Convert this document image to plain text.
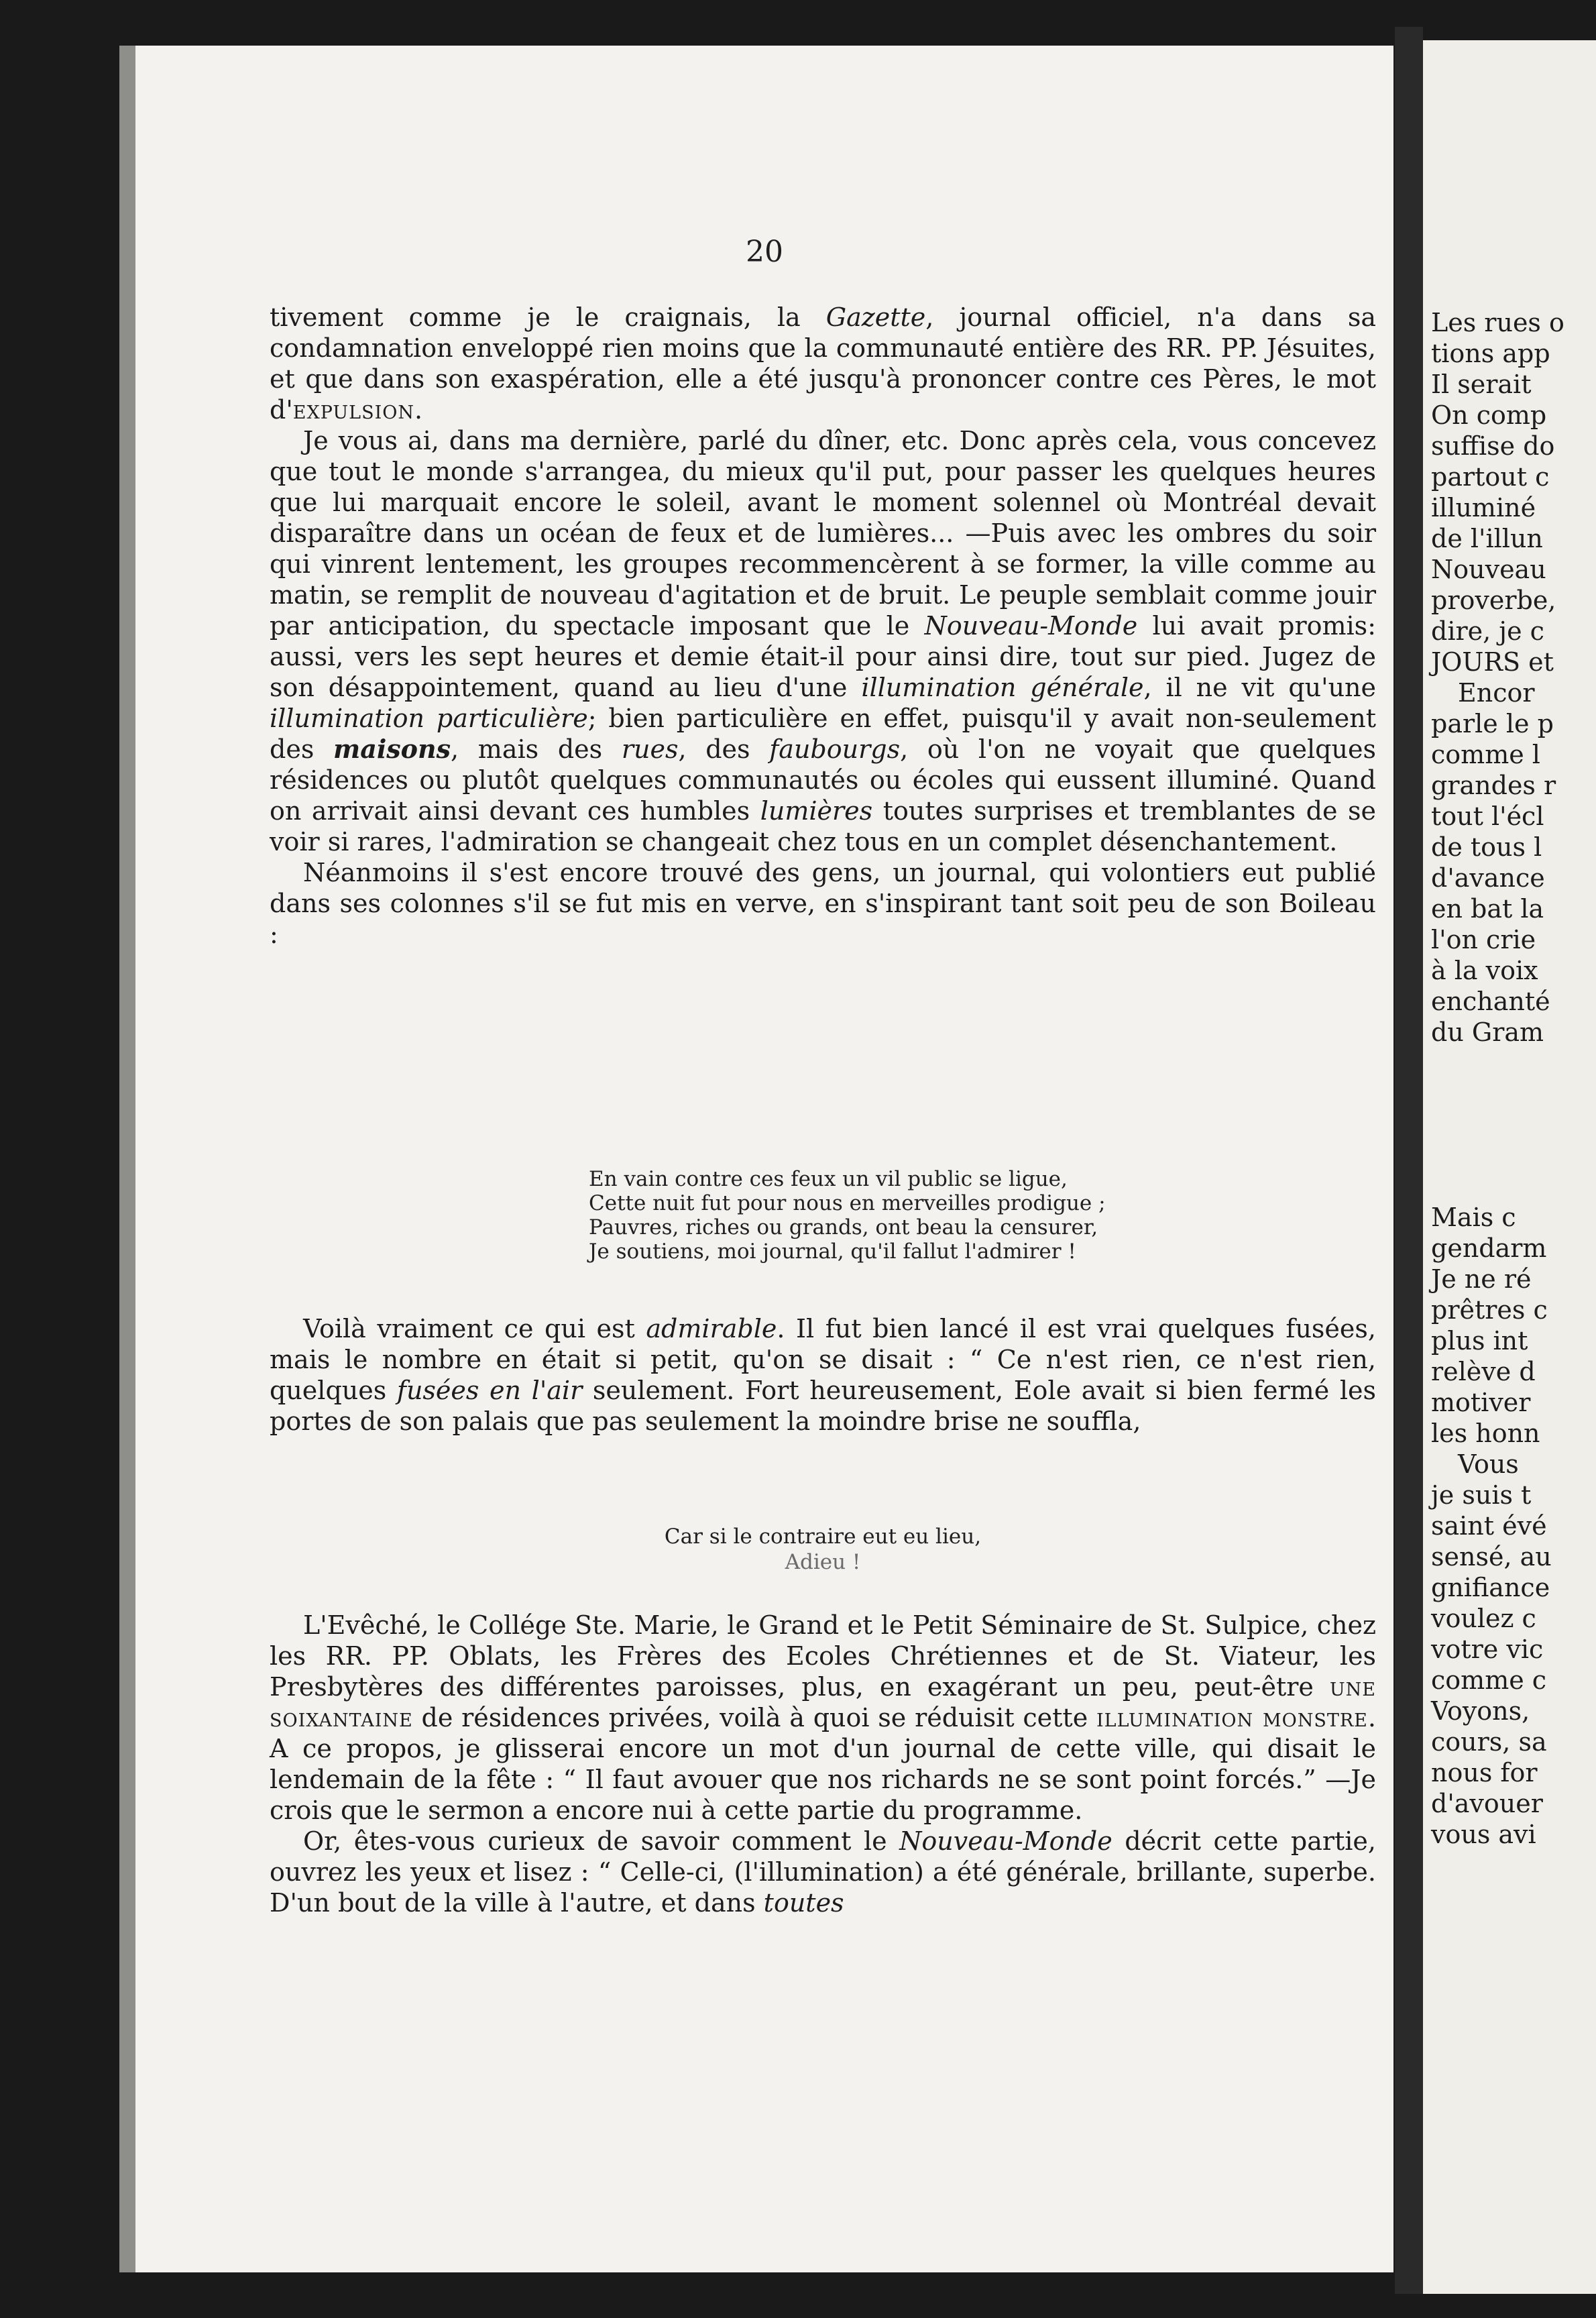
20

tivement comme je le craignais, la Gazette, journal officiel, n'a dans sa condamnation enveloppé rien moins que la communauté entière des RR. PP. Jésuites, et que dans son exaspération, elle a été jusqu'à prononcer contre ces Pères, le mot d'expulsion.

Je vous ai, dans ma dernière, parlé du dîner, etc. Donc après cela, vous concevez que tout le monde s'arrangea, du mieux qu'il put, pour passer les quelques heures que lui marquait encore le soleil, avant le moment solennel où Montréal devait disparaître dans un océan de feux et de lumières... —Puis avec les ombres du soir qui vinrent lentement, les groupes recommencèrent à se former, la ville comme au matin, se remplit de nouveau d'agitation et de bruit. Le peuple semblait comme jouir par anticipation, du spectacle imposant que le Nouveau-Monde lui avait promis: aussi, vers les sept heures et demie était-il pour ainsi dire, tout sur pied. Jugez de son désappointement, quand au lieu d'une illumination générale, il ne vit qu'une illumination particulière; bien particulière en effet, puisqu'il y avait non-seulement des maisons, mais des rues, des faubourgs, où l'on ne voyait que quelques résidences ou plutôt quelques communautés ou écoles qui eussent illuminé. Quand on arrivait ainsi devant ces humbles lumières toutes surprises et tremblantes de se voir si rares, l'admiration se changeait chez tous en un complet désenchantement.

Néanmoins il s'est encore trouvé des gens, un journal, qui volontiers eut publié dans ses colonnes s'il se fut mis en verve, en s'inspirant tant soit peu de son Boileau :

En vain contre ces feux un vil public se ligue,
Cette nuit fut pour nous en merveilles prodigue ;
Pauvres, riches ou grands, ont beau la censurer,
Je soutiens, moi journal, qu'il fallut l'admirer !

Voilà vraiment ce qui est admirable. Il fut bien lancé il est vrai quelques fusées, mais le nombre en était si petit, qu'on se disait : “ Ce n'est rien, ce n'est rien, quelques fusées en l'air seulement. Fort heureusement, Eole avait si bien fermé les portes de son palais que pas seulement la moindre brise ne souffla,

Car si le contraire eut eu lieu,
Adieu !

L'Evêché, le Collége Ste. Marie, le Grand et le Petit Séminaire de St. Sulpice, chez les RR. PP. Oblats, les Frères des Ecoles Chrétiennes et de St. Viateur, les Presbytères des différentes paroisses, plus, en exagérant un peu, peut-être une soixantaine de résidences privées, voilà à quoi se réduisit cette illumination monstre. A ce propos, je glisserai encore un mot d'un journal de cette ville, qui disait le lendemain de la fête : “ Il faut avouer que nos richards ne se sont point forcés.” —Je crois que le sermon a encore nui à cette partie du programme.

Or, êtes-vous curieux de savoir comment le Nouveau-Monde décrit cette partie, ouvrez les yeux et lisez : “ Celle-ci, (l'illumination) a été générale, brillante, superbe. D'un bout de la ville à l'autre, et dans toutes

Les rues o
tions app
Il serait
On comp
suffise do
partout c
illuminé
de l'illun
Nouveau
proverbe,
dire, je c
JOURS et
Encor
parle le p
comme l
grandes r
tout l'écl
de tous l
d'avance
en bat la
l'on crie
à la voix
enchanté
du Gram
Mais c
gendarm
Je ne ré
prêtres c
plus int
relève d
motiver
les honn
Vous
je suis t
saint évé
sensé, au
gnifiance
voulez c
votre vic
comme c
Voyons,
cours, sa
nous for
d'avouer
vous avi
